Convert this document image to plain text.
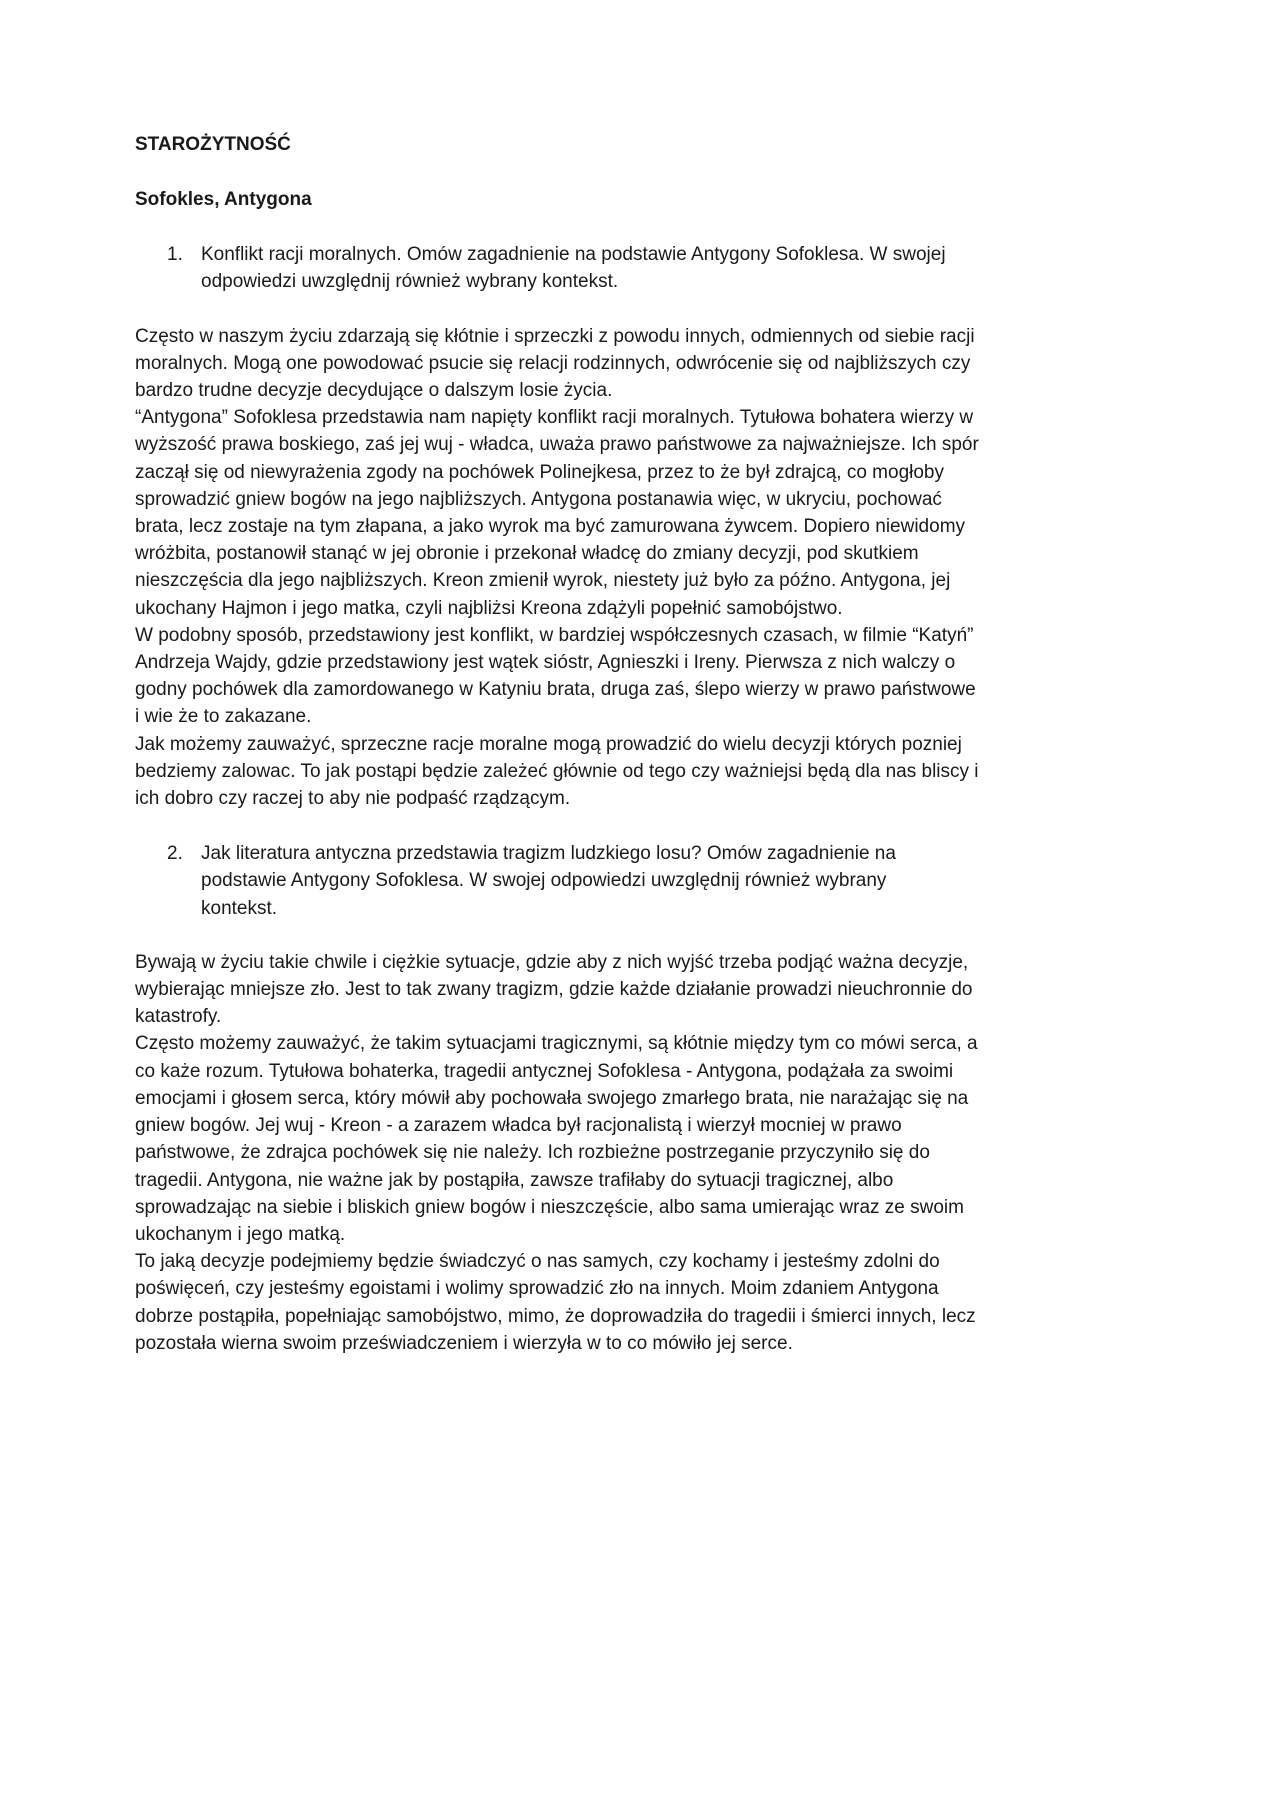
STAROŻYTNOŚĆ
Sofokles, Antygona
1. Konflikt racji moralnych. Omów zagadnienie na podstawie Antygony Sofoklesa. W swojej odpowiedzi uwzględnij również wybrany kontekst.

Często w naszym życiu zdarzają się kłótnie i sprzeczki z powodu innych, odmiennych od siebie racji moralnych. Mogą one powodować psucie się relacji rodzinnych, odwrócenie się od najbliższych czy bardzo trudne decyzje decydujące o dalszym losie życia.

“Antygona” Sofoklesa przedstawia nam napięty konflikt racji moralnych. Tytułowa bohatera wierzy w wyższość prawa boskiego, zaś jej wuj - władca, uważa prawo państwowe za najważniejsze. Ich spór zaczął się od niewyrażenia zgody na pochówek Polinejkesa, przez to że był zdrajcą, co mogłoby sprowadzić gniew bogów na jego najbliższych. Antygona postanawia więc, w ukryciu, pochować brata, lecz zostaje na tym złapana, a jako wyrok ma być zamurowana żywcem. Dopiero niewidomy wróżbita, postanowił stanąć w jej obronie i przekonał władcę do zmiany decyzji, pod skutkiem nieszczęścia dla jego najbliższych. Kreon zmienił wyrok, niestety już było za późno. Antygona, jej ukochany Hajmon i jego matka, czyli najbliżsi Kreona zdążyli popełnić samobójstwo.

W podobny sposób, przedstawiony jest konflikt, w bardziej współczesnych czasach, w filmie “Katyń” Andrzeja Wajdy, gdzie przedstawiony jest wątek sióstr, Agnieszki i Ireny. Pierwsza z nich walczy o godny pochówek dla zamordowanego w Katyniu brata, druga zaś, ślepo wierzy w prawo państwowe i wie że to zakazane.

Jak możemy zauważyć, sprzeczne racje moralne mogą prowadzić do wielu decyzji których pozniej bedziemy zalowac. To jak postąpi będzie zależeć głównie od tego czy ważniejsi będą dla nas bliscy i ich dobro czy raczej to aby nie podpaść rządzącym.

2. Jak literatura antyczna przedstawia tragizm ludzkiego losu? Omów zagadnienie na podstawie Antygony Sofoklesa. W swojej odpowiedzi uwzględnij również wybrany kontekst.

Bywają w życiu takie chwile i ciężkie sytuacje, gdzie aby z nich wyjść trzeba podjąć ważna decyzje, wybierając mniejsze zło. Jest to tak zwany tragizm, gdzie każde działanie prowadzi nieuchronnie do katastrofy.

Często możemy zauważyć, że takim sytuacjami tragicznymi, są kłótnie między tym co mówi serca, a co każe rozum. Tytułowa bohaterka, tragedii antycznej Sofoklesa - Antygona, podążała za swoimi emocjami i głosem serca, który mówił aby pochowała swojego zmarłego brata, nie narażając się na gniew bogów. Jej wuj - Kreon - a zarazem władca był racjonalistą i wierzył mocniej w prawo państwowe, że zdrajca pochówek się nie należy. Ich rozbieżne postrzeganie przyczyniło się do tragedii. Antygona, nie ważne jak by postąpiła, zawsze trafiłaby do sytuacji tragicznej, albo sprowadzając na siebie i bliskich gniew bogów i nieszczęście, albo sama umierając wraz ze swoim ukochanym i jego matką.

To jaką decyzje podejmiemy będzie świadczyć o nas samych, czy kochamy i jesteśmy zdolni do poświęceń, czy jesteśmy egoistami i wolimy sprowadzić zło na innych. Moim zdaniem Antygona dobrze postąpiła, popełniając samobójstwo, mimo, że doprowadziła do tragedii i śmierci innych, lecz pozostała wierna swoim przeświadczeniem i wierzyła w to co mówiło jej serce.
